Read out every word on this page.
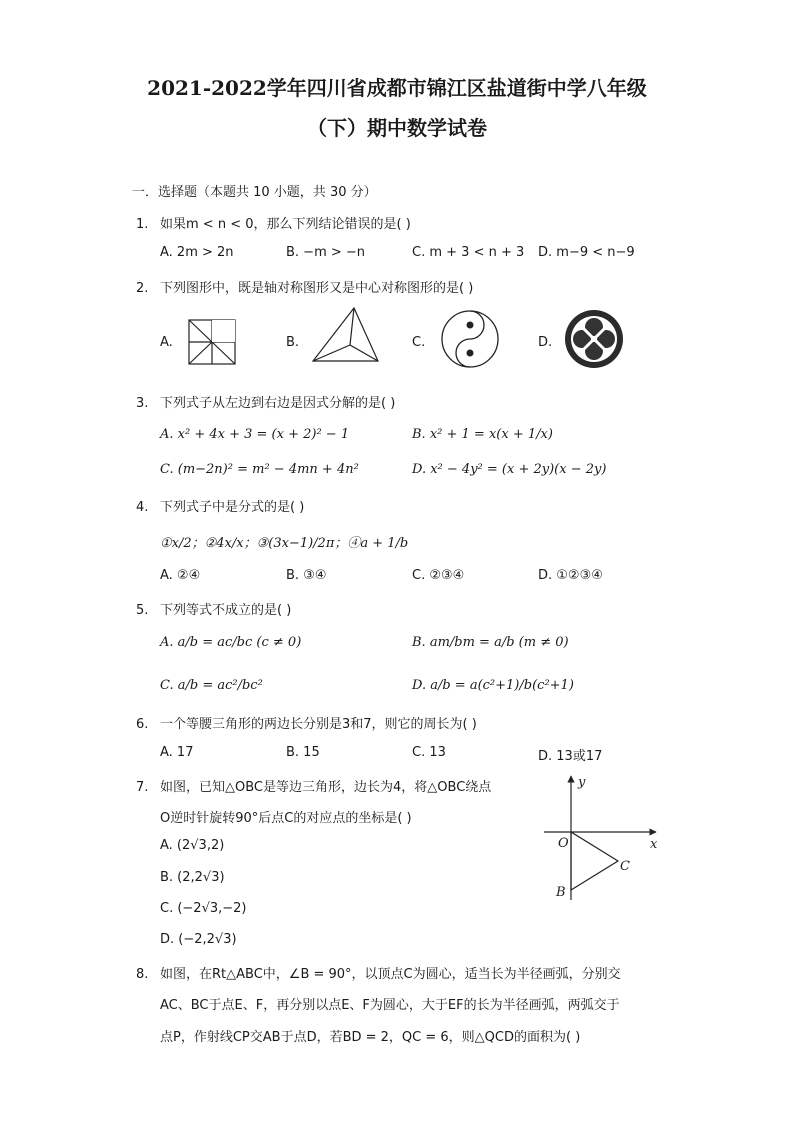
2021-2022学年四川省成都市锦江区盐道街中学八年级
（下）期中数学试卷
一．选择题（本题共 10 小题，共 30 分）
1. 如果m < n < 0，那么下列结论错误的是( )
A. 2m > 2n	B. −m > −n	C. m + 3 < n + 3 D. m−9 < n−9
2. 下列图形中，既是轴对称图形又是中心对称图形的是( )
A.	B.	C.	D.
3. 下列式子从左边到右边是因式分解的是( )
A. x² + 4x + 3 = (x + 2)² − 1	B. x² + 1 = x(x + 1/x)
C. (m−2n)² = m² − 4mn + 4n²	D. x² − 4y² = (x + 2y)(x − 2y)
4. 下列式子中是分式的是( )
①x/2；②4x/x；③(3x−1)/2π；④a + 1/b
A. ②④	B. ③④	C. ②③④	D. ①②③④
5. 下列等式不成立的是( )
A. a/b = ac/bc (c ≠ 0)	B. am/bm = a/b (m ≠ 0)
C. a/b = ac²/bc²	D. a/b = a(c²+1)/b(c²+1)
6. 一个等腰三角形的两边长分别是3和7，则它的周长为( )
A. 17	B. 15	C. 13	D. 13或17
7. 如图，已知△OBC是等边三角形，边长为4，将△OBC绕点
O逆时针旋转90°后点C的对应点的坐标是( )
A. (2√3,2)
B. (2,2√3)
C. (−2√3,−2)
D. (−2,2√3)
y
x
O
C
B
8. 如图，在Rt△ABC中，∠B = 90°，以顶点C为圆心，适当长为半径画弧，分别交
AC、BC于点E、F，再分别以点E、F为圆心，大于EF的长为半径画弧，两弧交于
点P，作射线CP交AB于点D，若BD = 2，QC = 6，则△QCD的面积为( )
